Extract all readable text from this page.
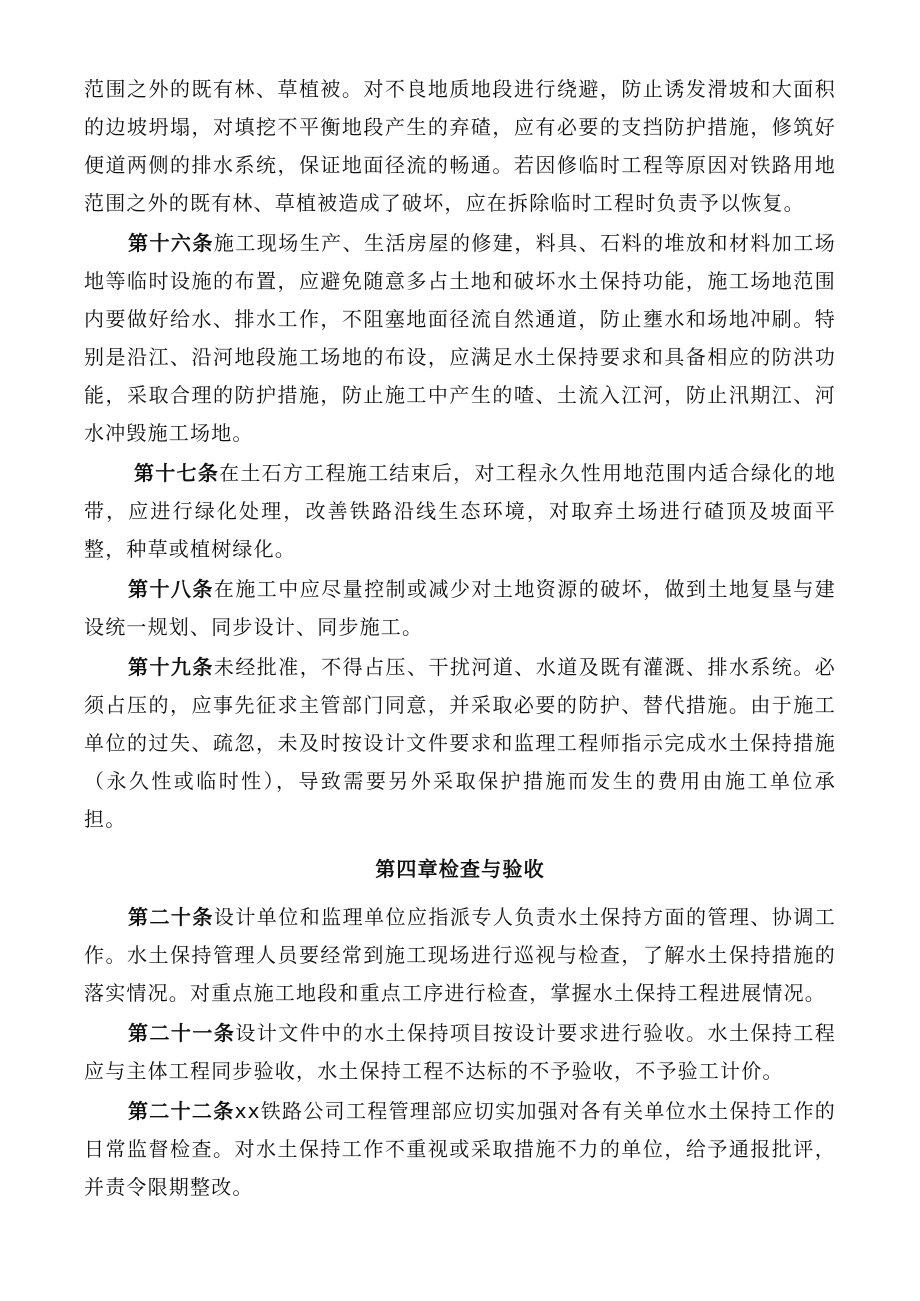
范围之外的既有林、草植被。对不良地质地段进行绕避，防止诱发滑坡和大面积的边坡坍塌，对填挖不平衡地段产生的弃碴，应有必要的支挡防护措施，修筑好便道两侧的排水系统，保证地面径流的畅通。若因修临时工程等原因对铁路用地范围之外的既有林、草植被造成了破坏，应在拆除临时工程时负责予以恢复。

第十六条施工现场生产、生活房屋的修建，料具、石料的堆放和材料加工场地等临时设施的布置，应避免随意多占土地和破坏水土保持功能，施工场地范围内要做好给水、排水工作，不阻塞地面径流自然通道，防止壅水和场地冲刷。特别是沿江、沿河地段施工场地的布设，应满足水土保持要求和具备相应的防洪功能，采取合理的防护措施，防止施工中产生的喳、土流入江河，防止汛期江、河水冲毁施工场地。

第十七条在土石方工程施工结束后，对工程永久性用地范围内适合绿化的地带，应进行绿化处理，改善铁路沿线生态环境，对取弃土场进行碴顶及坡面平整，种草或植树绿化。

第十八条在施工中应尽量控制或减少对土地资源的破坏，做到土地复垦与建设统一规划、同步设计、同步施工。

第十九条未经批准，不得占压、干扰河道、水道及既有灌溉、排水系统。必须占压的，应事先征求主管部门同意，并采取必要的防护、替代措施。由于施工单位的过失、疏忽，未及时按设计文件要求和监理工程师指示完成水土保持措施（永久性或临时性），导致需要另外采取保护措施而发生的费用由施工单位承担。

第四章检查与验收

第二十条设计单位和监理单位应指派专人负责水土保持方面的管理、协调工作。水土保持管理人员要经常到施工现场进行巡视与检查，了解水土保持措施的落实情况。对重点施工地段和重点工序进行检查，掌握水土保持工程进展情况。

第二十一条设计文件中的水土保持项目按设计要求进行验收。水土保持工程应与主体工程同步验收，水土保持工程不达标的不予验收，不予验工计价。

第二十二条xx铁路公司工程管理部应切实加强对各有关单位水土保持工作的日常监督检查。对水土保持工作不重视或采取措施不力的单位，给予通报批评，并责令限期整改。
